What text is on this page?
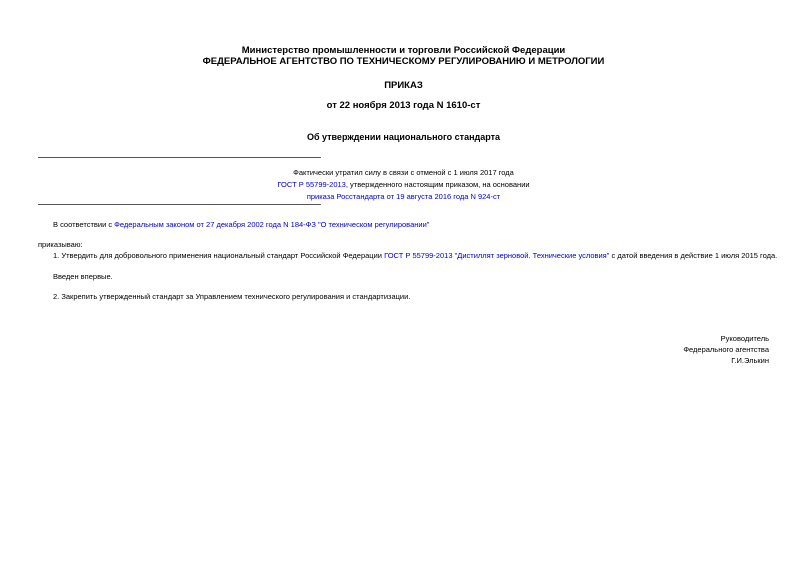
Министерство промышленности и торговли Российской Федерации
ФЕДЕРАЛЬНОЕ АГЕНТСТВО ПО ТЕХНИЧЕСКОМУ РЕГУЛИРОВАНИЮ И МЕТРОЛОГИИ
ПРИКАЗ
от 22 ноября 2013 года N 1610-ст
Об утверждении национального стандарта
Фактически утратил силу в связи с отменой с 1 июля 2017 года
ГОСТ Р 55799-2013, утвержденного настоящим приказом, на основании
приказа Росстандарта от 19 августа 2016 года N 924-ст
В соответствии с Федеральным законом от 27 декабря 2002 года N 184-ФЗ "О техническом регулировании"
приказываю:
1. Утвердить для добровольного применения национальный стандарт Российской Федерации ГОСТ Р 55799-2013 "Дистиллят зерновой. Технические условия" с датой введения в действие 1 июля 2015 года.
Введен впервые.
2. Закрепить утвержденный стандарт за Управлением технического регулирования и стандартизации.
Руководитель
Федерального агентства
Г.И.Элькин
